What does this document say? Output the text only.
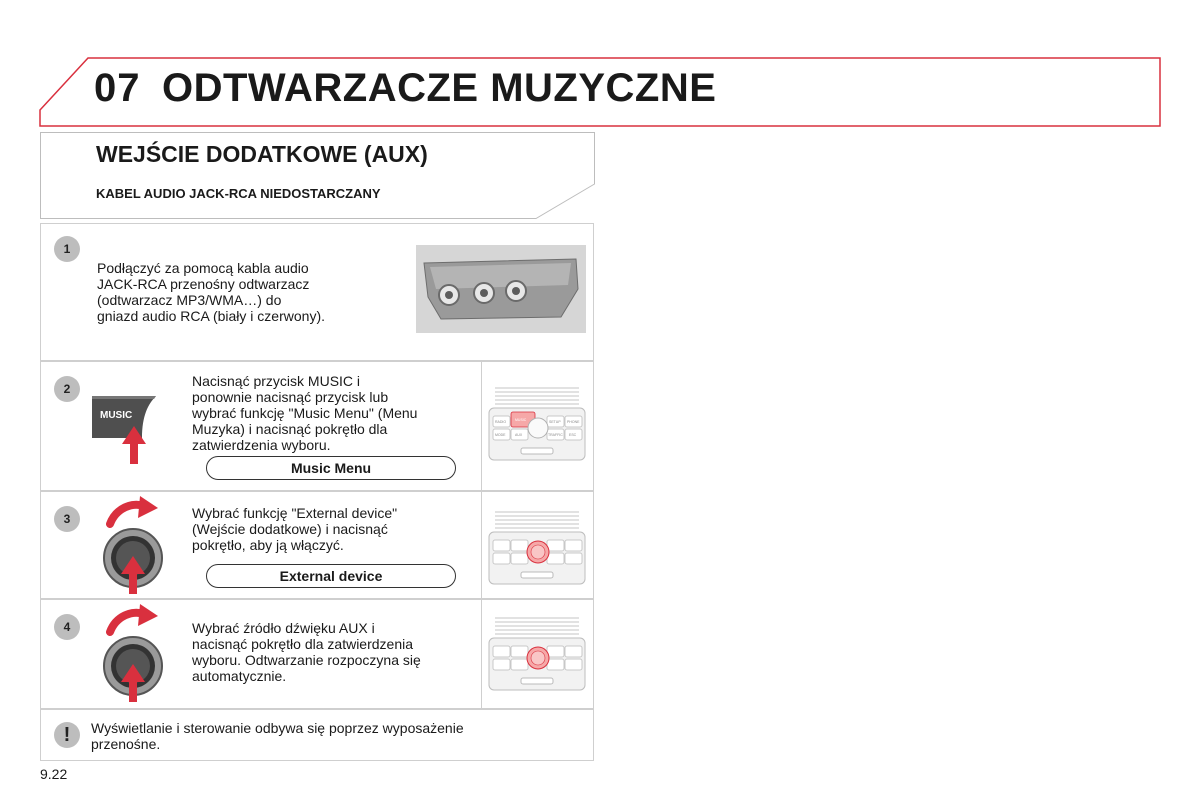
07 ODTWARZACZE MUZYCZNE
WEJŚCIE DODATKOWE (AUX)
KABEL AUDIO JACK-RCA NIEDOSTARCZANY
1
Podłączyć za pomocą kabla audio
JACK-RCA przenośny odtwarzacz
(odtwarzacz MP3/WMA…) do
gniazd audio RCA (biały i czerwony).
2
MUSIC
Nacisnąć przycisk MUSIC i
ponownie nacisnąć przycisk lub
wybrać funkcję "Music Menu" (Menu
Muzyka) i nacisnąć pokrętło dla
zatwierdzenia wyboru.
Music Menu
RADIO	MUSIC	SETUP PHONE
MODE	AUX	TRAFFIC ESC
3	Wybrać funkcję "External device"
(Wejście dodatkowe) i nacisnąć
pokrętło, aby ją włączyć.
External device
4	Wybrać źródło dźwięku AUX i
nacisnąć pokrętło dla zatwierdzenia
wyboru. Odtwarzanie rozpoczyna się
automatycznie.
!	Wyświetlanie i sterowanie odbywa się poprzez wyposażenie
przenośne.
9.22
